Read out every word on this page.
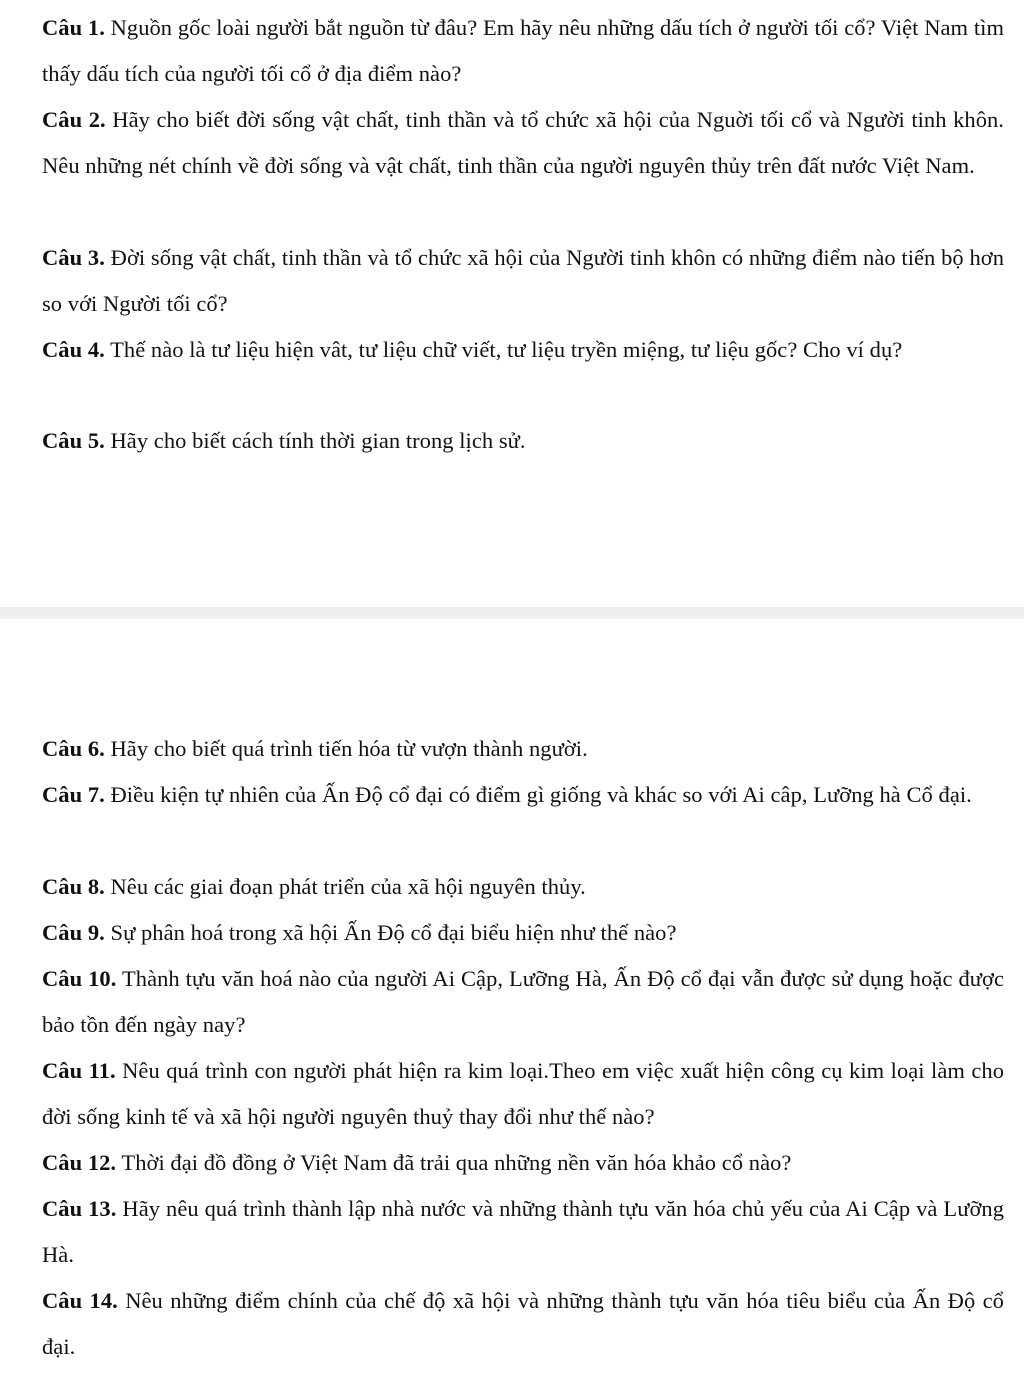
Câu 1. Nguồn gốc loài người bắt nguồn từ đâu? Em hãy nêu những dấu tích ở người tối cổ? Việt Nam tìm thấy dấu tích của người tối cổ ở địa điểm nào?
Câu 2. Hãy cho biết đời sống vật chất, tinh thần và tổ chức xã hội của Nguời tối cổ và Người tinh khôn. Nêu những nét chính về đời sống và vật chất, tinh thần của người nguyên thủy trên đất nước Việt Nam.
Câu 3. Đời sống vật chất, tinh thần và tổ chức xã hội của Người tinh khôn có những điểm nào tiến bộ hơn so với Người tối cổ?
Câu 4. Thế nào là tư liệu hiện vât, tư liệu chữ viết, tư liệu tryền miệng, tư liệu gốc? Cho ví dụ?
Câu 5. Hãy cho biết cách tính thời gian trong lịch sử.
Câu 6. Hãy cho biết quá trình tiến hóa từ vượn thành người.
Câu 7. Điều kiện tự nhiên của Ấn Độ cổ đại có điểm gì giống và khác so với Ai câp, Lưỡng hà Cổ đại.
Câu 8. Nêu các giai đoạn phát triển của xã hội nguyên thủy.
Câu 9. Sự phân hoá trong xã hội Ấn Độ cổ đại biểu hiện như thế nào?
Câu 10. Thành tựu văn hoá nào của người Ai Cập, Lưỡng Hà, Ấn Độ cổ đại vẫn được sử dụng hoặc được bảo tồn đến ngày nay?
Câu 11. Nêu quá trình con người phát hiện ra kim loại.Theo em việc xuất hiện công cụ kim loại làm cho đời sống kinh tế và xã hội người nguyên thuỷ thay đổi như thế nào?
Câu 12. Thời đại đồ đồng ở Việt Nam đã trải qua những nền văn hóa khảo cổ nào?
Câu 13. Hãy nêu quá trình thành lập nhà nước và những thành tựu văn hóa chủ yếu của Ai Cập và Lưỡng Hà.
Câu 14. Nêu những điểm chính của chế độ xã hội và những thành tựu văn hóa tiêu biểu của Ấn Độ cổ đại.
